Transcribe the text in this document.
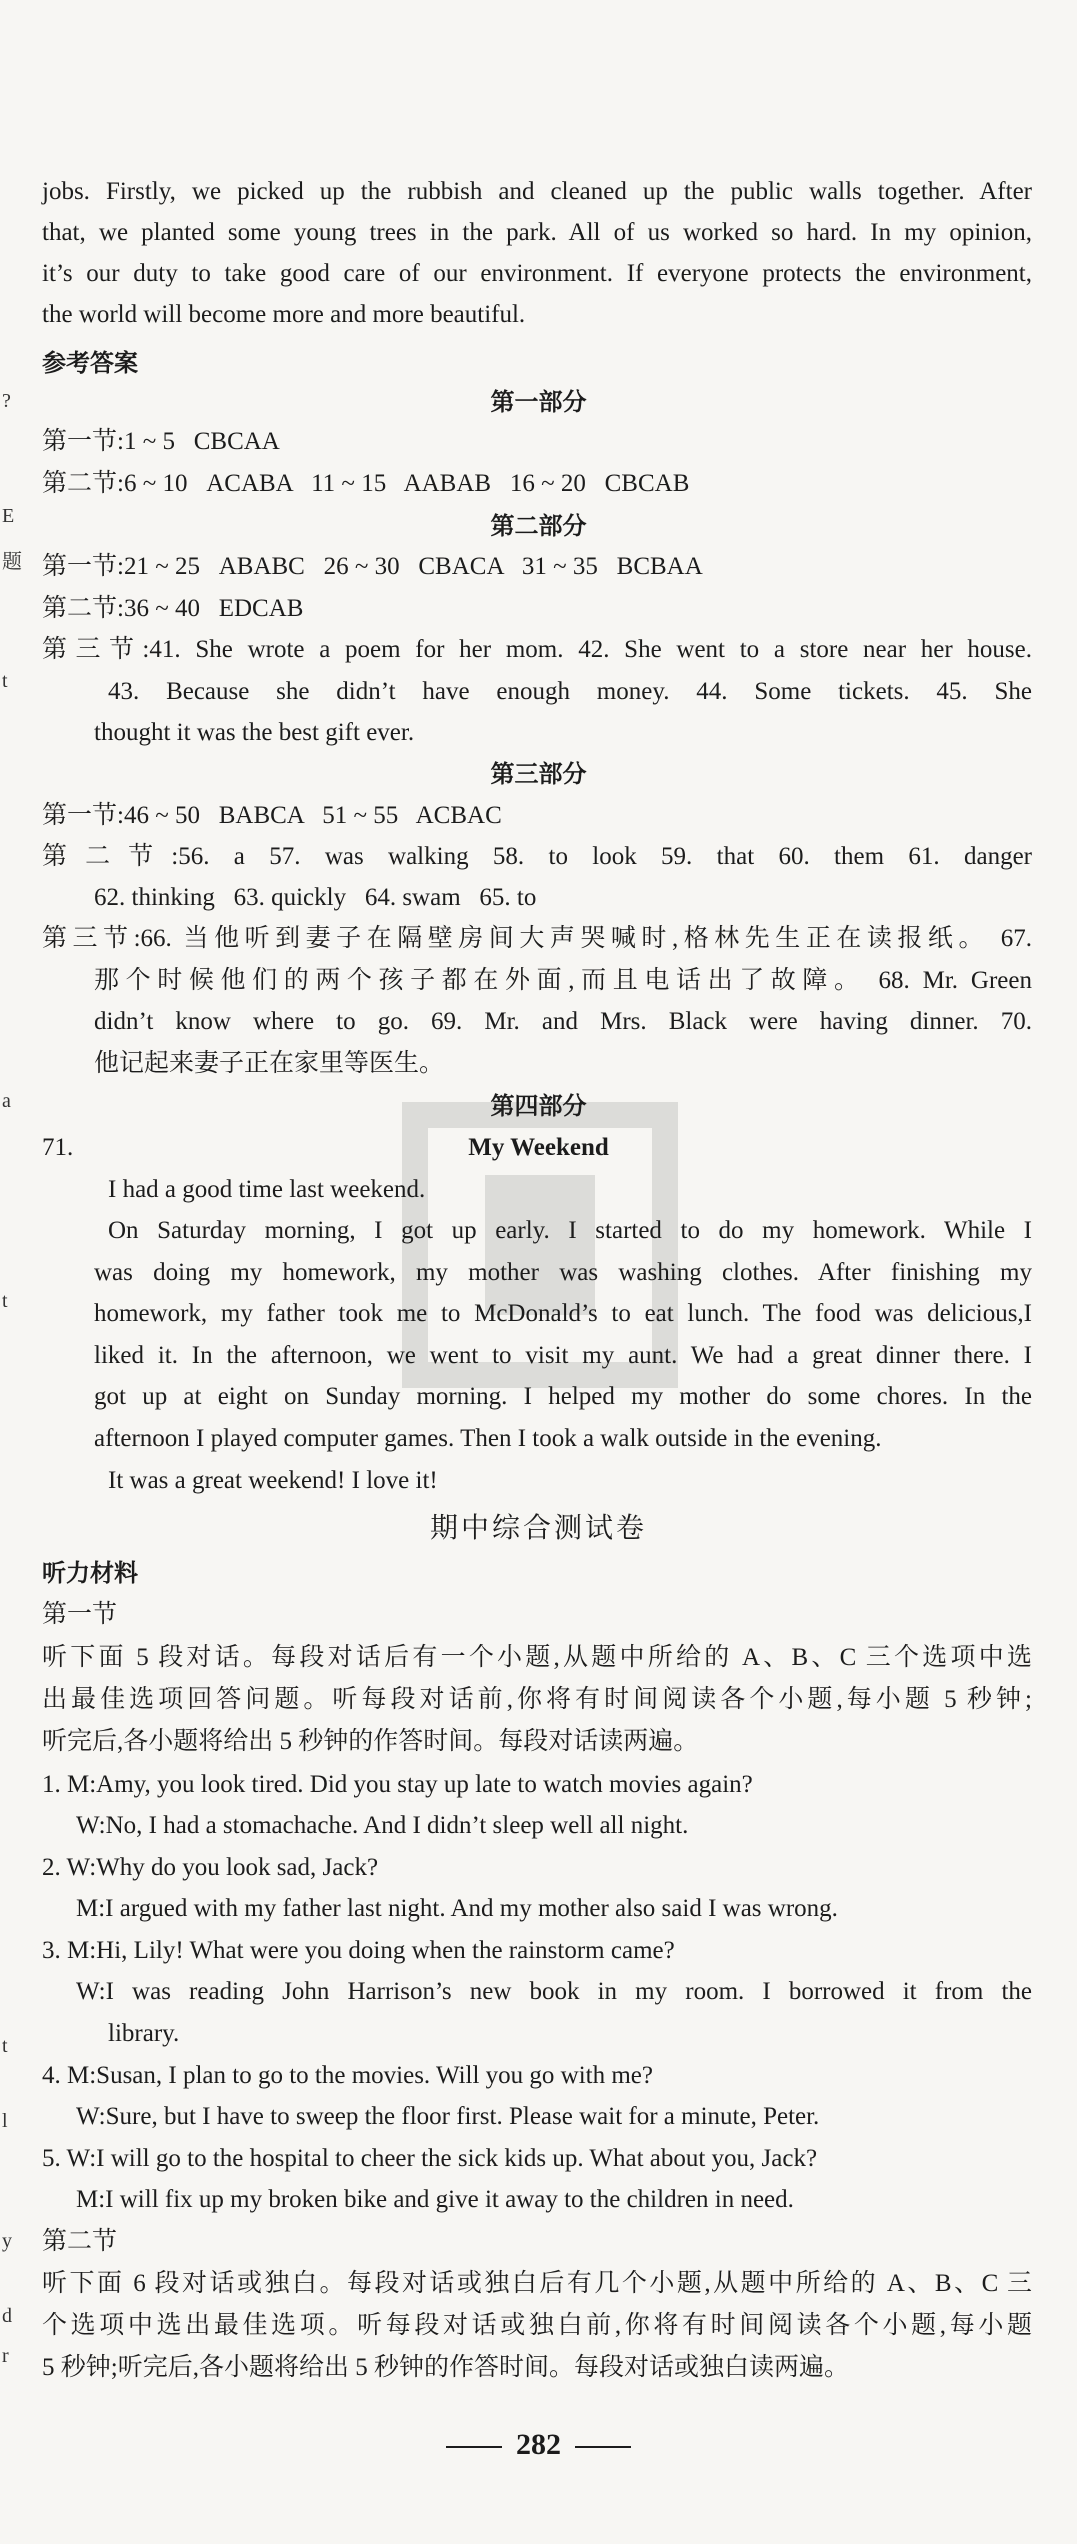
?
E
题
t
a
t
t
l
y
d
r
jobs. Firstly, we picked up the rubbish and cleaned up the public walls together. After
that, we planted some young trees in the park. All of us worked so hard. In my opinion,
it’s our duty to take good care of our environment. If everyone protects the environment,
the world will become more and more beautiful.
参考答案
第一部分
第一节:1 ~ 5   CBCAA
第二节:6 ~ 10   ACABA   11 ~ 15   AABAB   16 ~ 20   CBCAB
第二部分
第一节:21 ~ 25   ABABC   26 ~ 30   CBACA   31 ~ 35   BCBAA
第二节:36 ~ 40   EDCAB
第三节:41. She wrote a poem for her mom. 42. She went to a store near her house.
43. Because she didn’t have enough money. 44. Some tickets. 45. She
thought it was the best gift ever.
第三部分
第一节:46 ~ 50   BABCA   51 ~ 55   ACBAC
第二节:56. a 57. was walking 58. to look 59. that 60. them 61. danger
62. thinking   63. quickly   64. swam   65. to
第三节:66. 当他听到妻子在隔壁房间大声哭喊时,格林先生正在读报纸。 67.
那个时候他们的两个孩子都在外面,而且电话出了故障。 68. Mr. Green
didn’t know where to go. 69. Mr. and Mrs. Black were having dinner. 70.
他记起来妻子正在家里等医生。
第四部分
71.	My Weekend
I had a good time last weekend.
On Saturday morning, I got up early. I started to do my homework. While I
was doing my homework, my mother was washing clothes. After finishing my
homework, my father took me to McDonald’s to eat lunch. The food was delicious,I
liked it. In the afternoon, we went to visit my aunt. We had a great dinner there. I
got up at eight on Sunday morning. I helped my mother do some chores. In the
afternoon I played computer games. Then I took a walk outside in the evening.
It was a great weekend! I love it!
期中综合测试卷
听力材料
第一节
听下面 5 段对话。每段对话后有一个小题,从题中所给的 A、B、C 三个选项中选
出最佳选项回答问题。听每段对话前,你将有时间阅读各个小题,每小题 5 秒钟;
听完后,各小题将给出 5 秒钟的作答时间。每段对话读两遍。
1. M:Amy, you look tired. Did you stay up late to watch movies again?
W:No, I had a stomachache. And I didn’t sleep well all night.
2. W:Why do you look sad, Jack?
M:I argued with my father last night. And my mother also said I was wrong.
3. M:Hi, Lily! What were you doing when the rainstorm came?
W:I was reading John Harrison’s new book in my room. I borrowed it from the
library.
4. M:Susan, I plan to go to the movies. Will you go with me?
W:Sure, but I have to sweep the floor first. Please wait for a minute, Peter.
5. W:I will go to the hospital to cheer the sick kids up. What about you, Jack?
M:I will fix up my broken bike and give it away to the children in need.
第二节
听下面 6 段对话或独白。每段对话或独白后有几个小题,从题中所给的 A、B、C 三
个选项中选出最佳选项。听每段对话或独白前,你将有时间阅读各个小题,每小题
5 秒钟;听完后,各小题将给出 5 秒钟的作答时间。每段对话或独白读两遍。
282
